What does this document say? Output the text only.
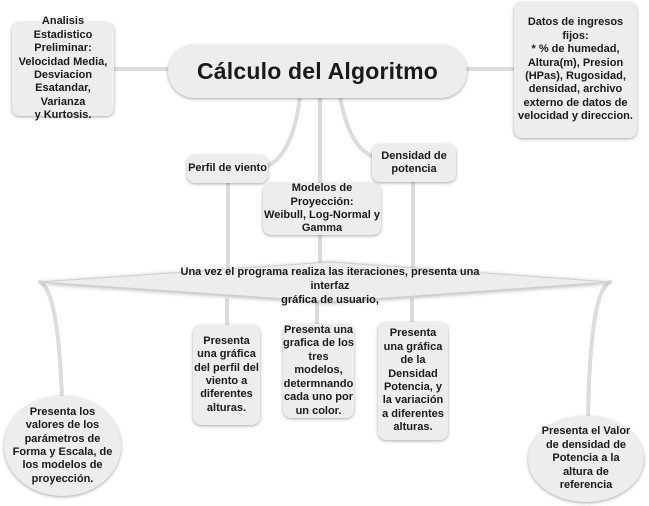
Una vez el programa realiza las iteraciones, presenta una interfaz
gráfica de usuario,
Analisis Estadistico
Preliminar:
Velocidad Media,
Desviacion
Esatandar, Varianza
y Kurtosis.
Cálculo del Algoritmo
Datos de ingresos fijos:
* % de humedad,
Altura(m), Presion
(HPas), Rugosidad,
densidad, archivo
externo de datos de
velocidad y direccion.
Perfil de viento
Modelos de Proyección:
Weibull, Log-Normal y
Gamma
Densidad de
potencia
Presenta
una gráfica
del perfil del
viento a
diferentes
alturas.
Presenta una
grafica de los
tres modelos,
determnando
cada uno por
un color.
Presenta
una gráfica
de la
Densidad
Potencia, y
la variación
a diferentes
alturas.
Presenta los
valores de los
parámetros de
Forma y Escala, de
los modelos de
proyección.
Presenta el Valor
de densidad de
Potencia a la
altura de
referencia
